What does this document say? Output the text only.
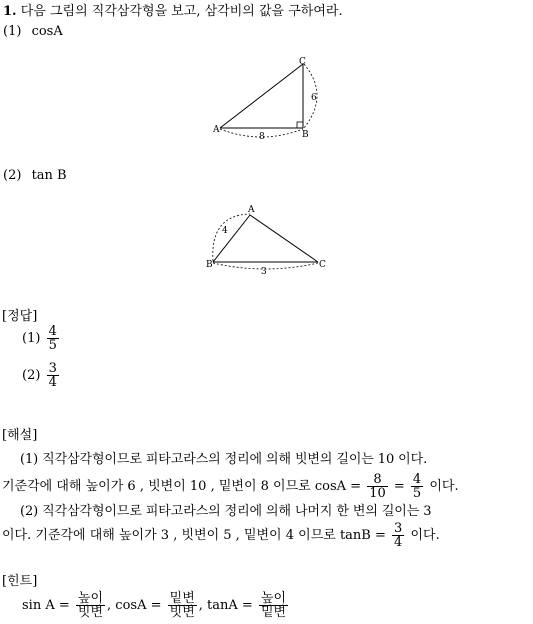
1. 다음 그림의 직각삼각형을 보고, 삼각비의 값을 구하여라.
(1) cosA
A	B
C
8
6
(2) tan B
A
B	C
4
3
[정답]
$(1) \frac{4}{5}$
$(2) \frac{3}{4}$
[해설]
(1) 직각삼각형이므로 피타고라스의 정리에 의해 빗변의 길이는 10 이다.
기준각에 대해 높이가 6 , 빗변이 10 , 밑변이 8 이므로 $\cos A = \frac{8}{10} = \frac{4}{5}$ 이다.
(2) 직각삼각형이므로 피타고라스의 정리에 의해 나머지 한 변의 길이는 3
이다. 기준각에 대해 높이가 3 , 빗변이 5 , 밑변이 4 이므로 $\tan B = \frac{3}{4}$ 이다.
[힌트]
$\sin A = \frac{\text{높이}}{\text{빗변}}$ , $\cos A = \frac{\text{밑변}}{\text{빗변}}$ , $\tan A = \frac{\text{높이}}{\text{밑변}}$
